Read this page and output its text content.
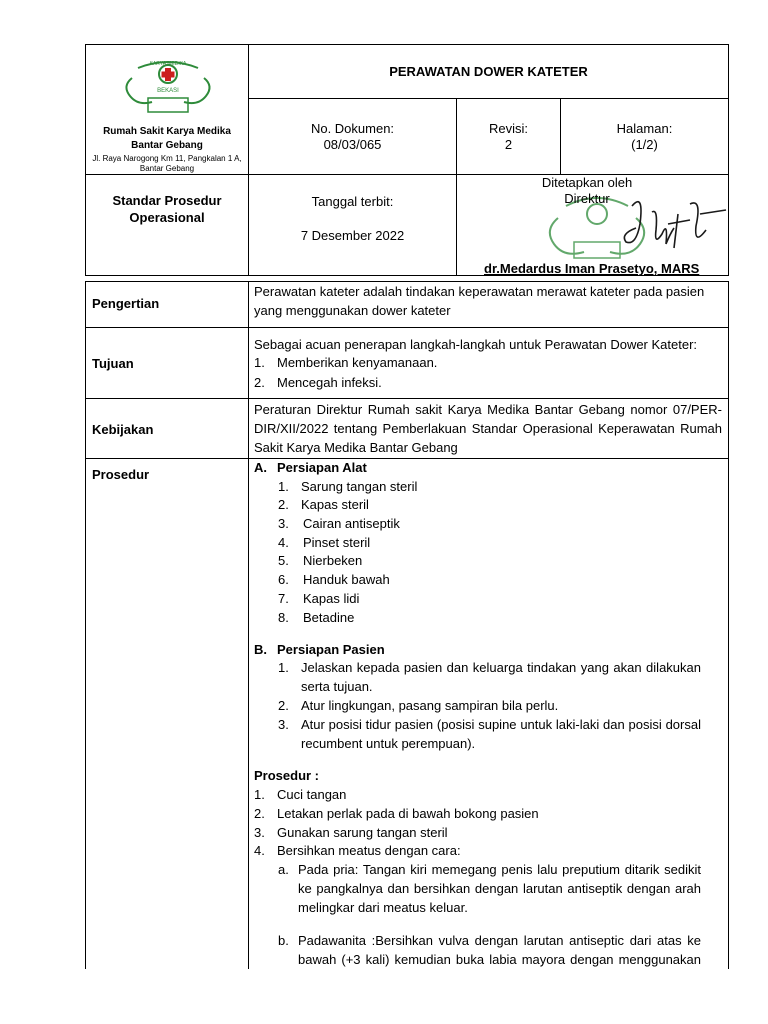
KARYA MEDIKA
BEKASI
Rumah Sakit Karya Medika
Bantar Gebang
Jl. Raya Narogong Km 11, Pangkalan 1 A,
Bantar Gebang
PERAWATAN DOWER KATETER
No. Dokumen:
08/03/065
Revisi:
2
Halaman:
(1/2)
Standar Prosedur
Operasional
Tanggal terbit:
7 Desember 2022
Ditetapkan oleh
Direktur
dr.Medardus Iman Prasetyo, MARS
Pengertian
Perawatan kateter adalah tindakan keperawatan merawat kateter pada pasien
yang menggunakan dower kateter
Tujuan
Sebagai acuan penerapan langkah-langkah untuk Perawatan Dower Kateter:
1. Memberikan kenyamanaan.
2. Mencegah infeksi.
Kebijakan
Peraturan Direktur Rumah sakit Karya Medika Bantar Gebang nomor 07/PER-
DIR/XII/2022 tentang Pemberlakuan Standar Operasional Keperawatan Rumah
Sakit Karya Medika Bantar Gebang
Prosedur	A. Persiapan Alat
1. Sarung tangan steril
2. Kapas steril
3. Cairan antiseptik
4. Pinset steril
5. Nierbeken
6. Handuk bawah
7. Kapas lidi
8. Betadine
B. Persiapan Pasien
1. Jelaskan kepada pasien dan keluarga tindakan yang akan dilakukan
serta tujuan.
2. Atur lingkungan, pasang sampiran bila perlu.
3. Atur posisi tidur pasien (posisi supine untuk laki-laki dan posisi dorsal
recumbent untuk perempuan).
Prosedur :
1. Cuci tangan
2. Letakan perlak pada di bawah bokong pasien
3. Gunakan sarung tangan steril
4. Bersihkan meatus dengan cara:
a. Pada pria: Tangan kiri memegang penis lalu preputium ditarik sedikit
ke pangkalnya dan bersihkan dengan larutan antiseptik dengan arah
melingkar dari meatus keluar.
b. Padawanita :Bersihkan vulva dengan larutan antiseptic dari atas ke
bawah (+3 kali) kemudian buka labia mayora dengan menggunakan
